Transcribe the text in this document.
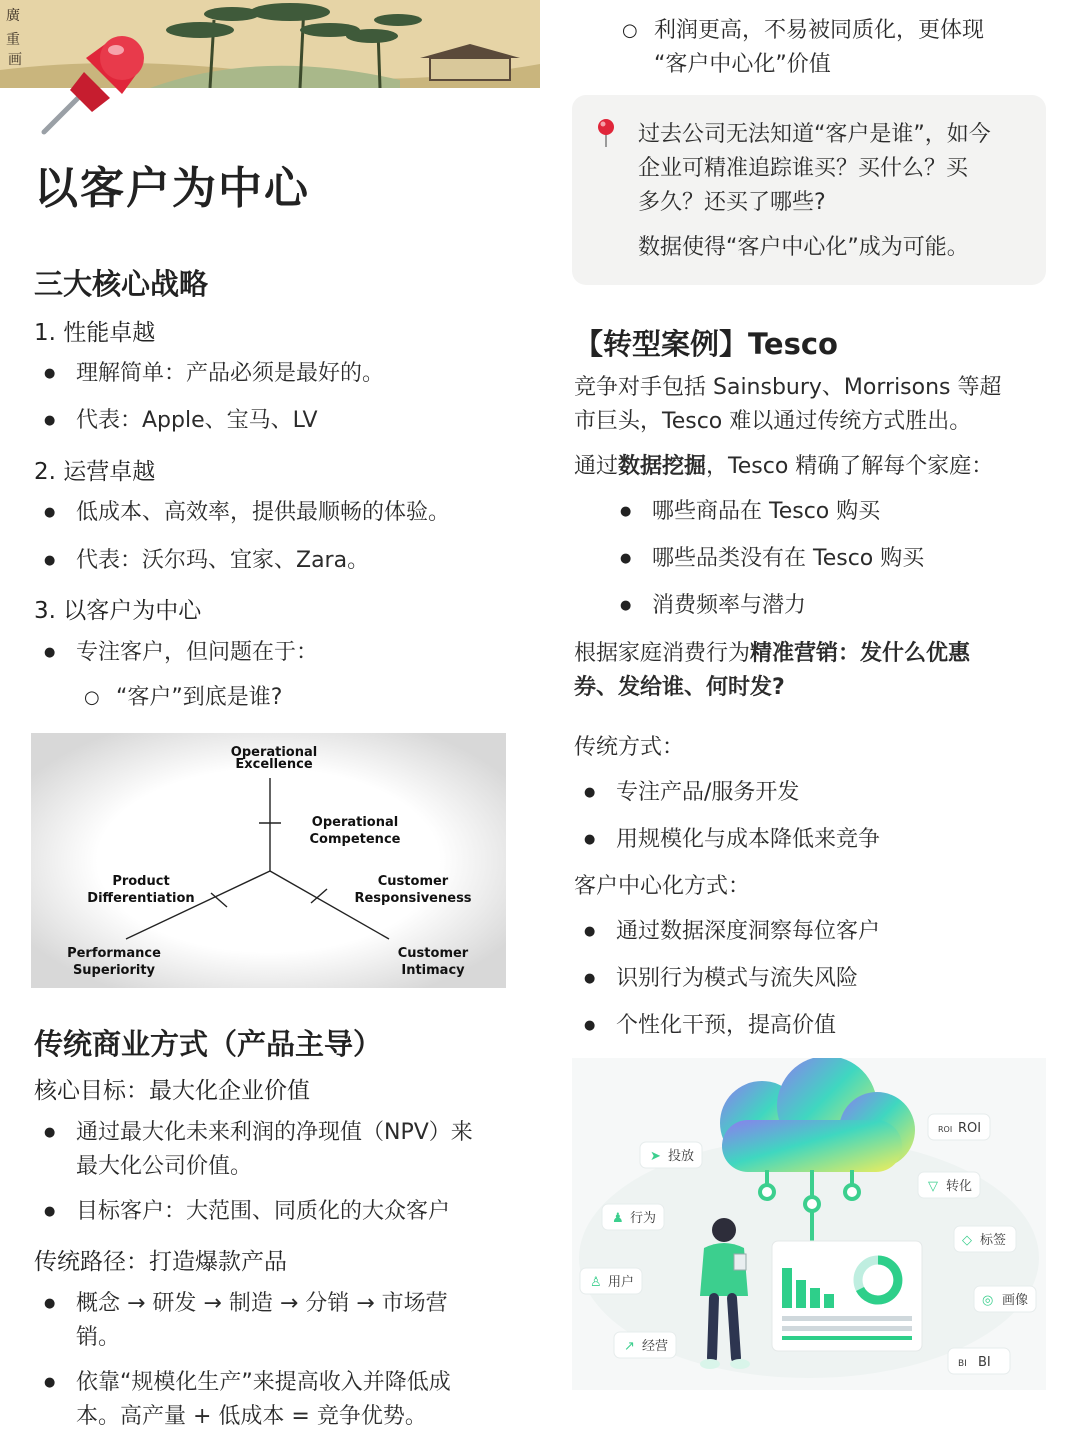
廣
重
画
以客户为中心
三大核心战略
1. 性能卓越
● 理解简单：产品必须是最好的。
● 代表：Apple、宝马、LV
2. 运营卓越
● 低成本、高效率，提供最顺畅的体验。
● 代表：沃尔玛、宜家、Zara。
3. 以客户为中心
● 专注客户，但问题在于：
○ “客户”到底是谁?
Operational
Excellence
Operational
Competence
Product
Differentiation
Customer
Responsiveness
Performance
Superiority
Customer
Intimacy
传统商业方式（产品主导）
核心目标：最大化企业价值
● 通过最大化未来利润的净现值（NPV）来
最大化公司价值。
● 目标客户：大范围、同质化的大众客户
传统路径：打造爆款产品
● 概念 → 研发 → 制造 → 分销 → 市场营
销。
● 依靠“规模化生产”来提高收入并降低成
本。高产量 + 低成本 = 竞争优势。
○ 利润更高，不易被同质化，更体现
“客户中心化”价值
过去公司无法知道“客户是谁”，如今
企业可精准追踪谁买？买什么？买
多久？还买了哪些?
数据使得“客户中心化”成为可能。
【转型案例】Tesco
竞争对手包括 Sainsbury、Morrisons 等超
市巨头，Tesco 难以通过传统方式胜出。
通过数据挖掘，Tesco 精确了解每个家庭：
● 哪些商品在 Tesco 购买
● 哪些品类没有在 Tesco 购买
● 消费频率与潜力
根据家庭消费行为精准营销：发什么优惠
券、发给谁、何时发?
传统方式：
● 专注产品/服务开发
● 用规模化与成本降低来竞争
客户中心化方式：
● 通过数据深度洞察每位客户
● 识别行为模式与流失风险
● 个性化干预，提高价值
➤ 投放
♟ 行为
♙ 用户
↗ 经营
ROI ROI
▽ 转化
◇ 标签
◎ 画像
BI BI
